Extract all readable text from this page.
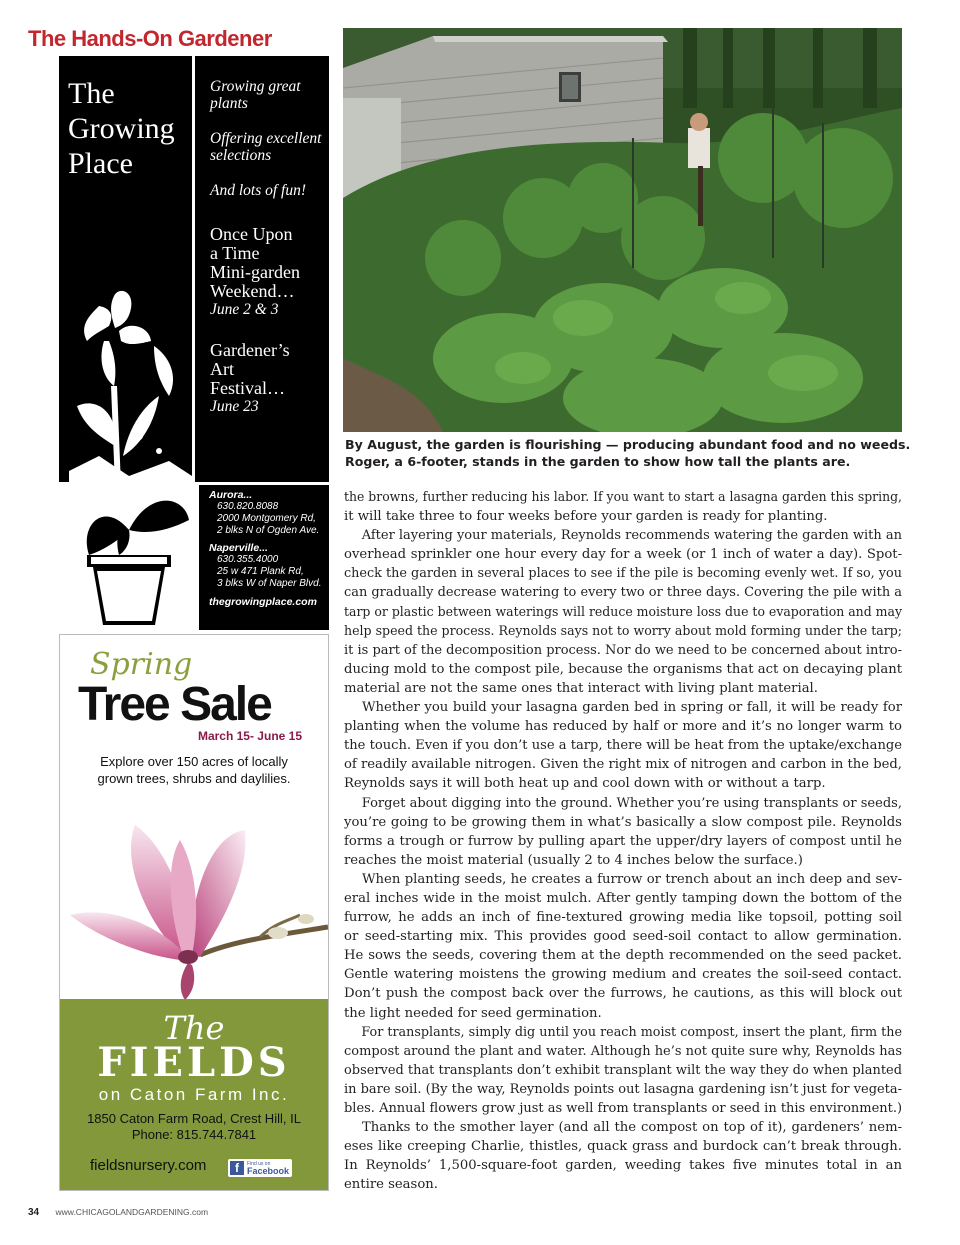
The Hands-On Gardener
The
Growing
Place
Growing great plants
Offering excellent selections
And lots of fun!
Once Upon
a Time
Mini-garden
Weekend…
June 2 & 3
Gardener’s
Art
Festival…
June 23
Aurora...
630.820.8088
2000 Montgomery Rd,
2 blks N of Ogden Ave.
Naperville...
630.355.4000
25 w 471 Plank Rd,
3 blks W of Naper Blvd.
thegrowingplace.com
Spring
Tree Sale
March 15- June 15
Explore over 150 acres of locally
grown trees, shrubs and daylilies.
The
FIELDS
on Caton Farm Inc.
1850 Caton Farm Road, Crest Hill, IL
Phone: 815.744.7841
fieldsnursery.com	f	Find us on
Facebook
By August, the garden is flourishing — producing abundant food and no weeds.
Roger, a 6-footer, stands in the garden to show how tall the plants are.
the browns, further reducing his labor. If you want to start a lasagna garden this spring,
it will take three to four weeks before your garden is ready for planting.
After layering your materials, Reynolds recommends watering the garden with an
overhead sprinkler one hour every day for a week (or 1 inch of water a day). Spot-
check the garden in several places to see if the pile is becoming evenly wet. If so, you
can gradually decrease watering to every two or three days. Covering the pile with a
tarp or plastic between waterings will reduce moisture loss due to evaporation and may
help speed the process. Reynolds says not to worry about mold forming under the tarp;
it is part of the decomposition process. Nor do we need to be concerned about intro-
ducing mold to the compost pile, because the organisms that act on decaying plant
material are not the same ones that interact with living plant material.
Whether you build your lasagna garden bed in spring or fall, it will be ready for
planting when the volume has reduced by half or more and it’s no longer warm to
the touch. Even if you don’t use a tarp, there will be heat from the uptake/exchange
of readily available nitrogen. Given the right mix of nitrogen and carbon in the bed,
Reynolds says it will both heat up and cool down with or without a tarp.
Forget about digging into the ground. Whether you’re using transplants or seeds,
you’re going to be growing them in what’s basically a slow compost pile. Reynolds
forms a trough or furrow by pulling apart the upper/dry layers of compost until he
reaches the moist material (usually 2 to 4 inches below the surface.)
When planting seeds, he creates a furrow or trench about an inch deep and sev-
eral inches wide in the moist mulch. After gently tamping down the bottom of the
furrow, he adds an inch of fine-textured growing media like topsoil, potting soil
or seed-starting mix. This provides good seed-soil contact to allow germination.
He sows the seeds, covering them at the depth recommended on the seed packet.
Gentle watering moistens the growing medium and creates the soil-seed contact.
Don’t push the compost back over the furrows, he cautions, as this will block out
the light needed for seed germination.
For transplants, simply dig until you reach moist compost, insert the plant, firm the
compost around the plant and water. Although he’s not quite sure why, Reynolds has
observed that transplants don’t exhibit transplant wilt the way they do when planted
in bare soil. (By the way, Reynolds points out lasagna gardening isn’t just for vegeta-
bles. Annual flowers grow just as well from transplants or seed in this environment.)
Thanks to the smother layer (and all the compost on top of it), gardeners’ nem-
eses like creeping Charlie, thistles, quack grass and burdock can’t break through.
In Reynolds’ 1,500-square-foot garden, weeding takes five minutes total in an
entire season.
34 www.CHICAGOLANDGARDENING.com
